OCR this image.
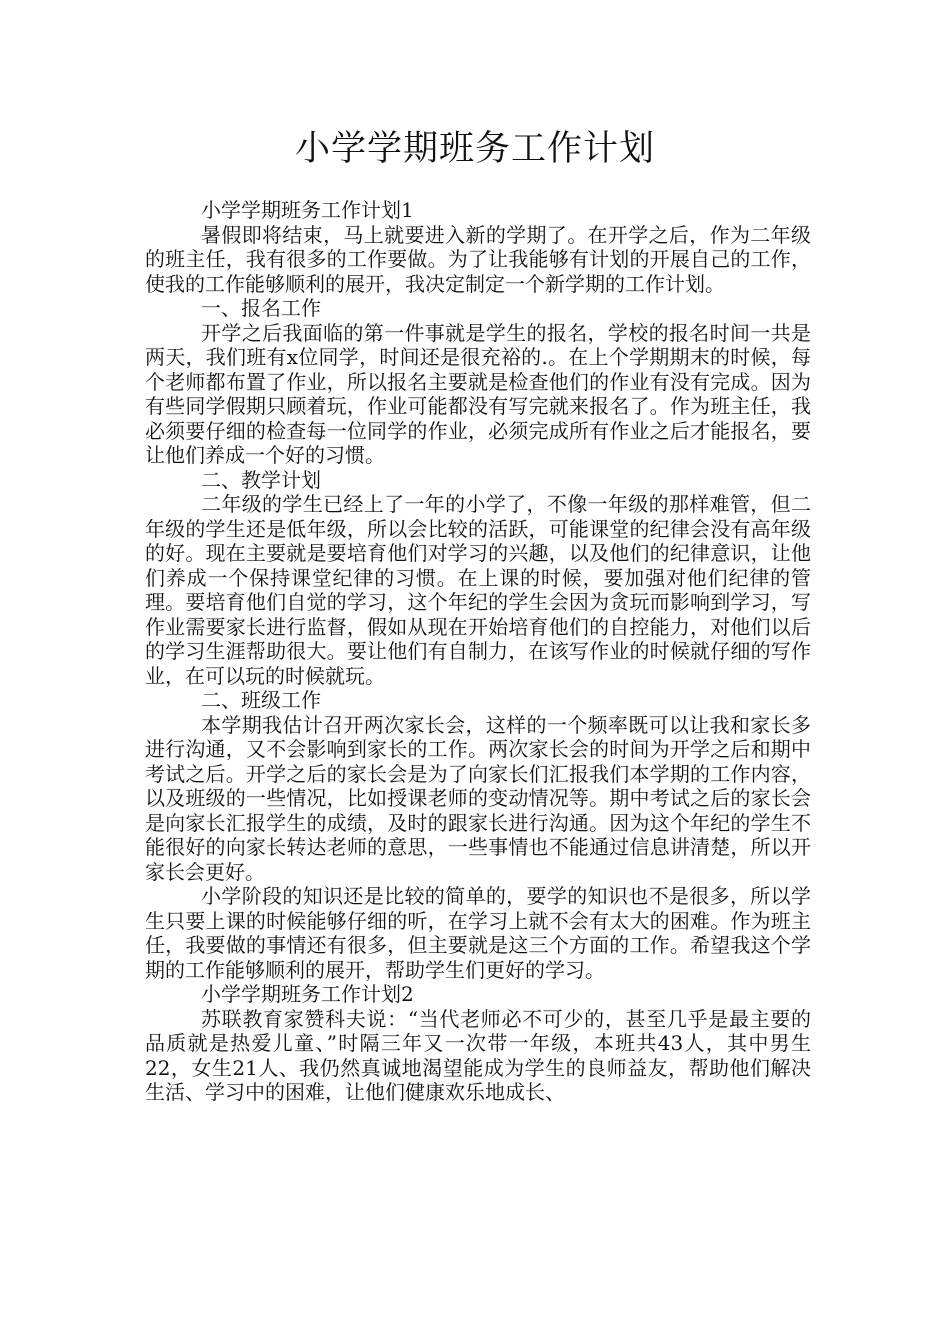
小学学期班务工作计划

小学学期班务工作计划1

暑假即将结束，马上就要进入新的学期了。在开学之后，作为二年级的班主任，我有很多的工作要做。为了让我能够有计划的开展自己的工作，使我的工作能够顺利的展开，我决定制定一个新学期的工作计划。

一、报名工作

开学之后我面临的第一件事就是学生的报名，学校的报名时间一共是两天，我们班有x位同学，时间还是很充裕的.。在上个学期期末的时候，每个老师都布置了作业，所以报名主要就是检查他们的作业有没有完成。因为有些同学假期只顾着玩，作业可能都没有写完就来报名了。作为班主任，我必须要仔细的检查每一位同学的作业，必须完成所有作业之后才能报名，要让他们养成一个好的习惯。

二、教学计划

二年级的学生已经上了一年的小学了，不像一年级的那样难管，但二年级的学生还是低年级，所以会比较的活跃，可能课堂的纪律会没有高年级的好。现在主要就是要培育他们对学习的兴趣，以及他们的纪律意识，让他们养成一个保持课堂纪律的习惯。在上课的时候，要加强对他们纪律的管理。要培育他们自觉的学习，这个年纪的学生会因为贪玩而影响到学习，写作业需要家长进行监督，假如从现在开始培育他们的自控能力，对他们以后的学习生涯帮助很大。要让他们有自制力，在该写作业的时候就仔细的写作业，在可以玩的时候就玩。

二、班级工作

本学期我估计召开两次家长会，这样的一个频率既可以让我和家长多进行沟通，又不会影响到家长的工作。两次家长会的时间为开学之后和期中考试之后。开学之后的家长会是为了向家长们汇报我们本学期的工作内容，以及班级的一些情况，比如授课老师的变动情况等。期中考试之后的家长会是向家长汇报学生的成绩，及时的跟家长进行沟通。因为这个年纪的学生不能很好的向家长转达老师的意思，一些事情也不能通过信息讲清楚，所以开家长会更好。

小学阶段的知识还是比较的简单的，要学的知识也不是很多，所以学生只要上课的时候能够仔细的听，在学习上就不会有太大的困难。作为班主任，我要做的事情还有很多，但主要就是这三个方面的工作。希望我这个学期的工作能够顺利的展开，帮助学生们更好的学习。

小学学期班务工作计划2

苏联教育家赞科夫说：“当代老师必不可少的，甚至几乎是最主要的品质就是热爱儿童、”时隔三年又一次带一年级，本班共43人，其中男生22，女生21人、我仍然真诚地渴望能成为学生的良师益友，帮助他们解决生活、学习中的困难，让他们健康欢乐地成长、
